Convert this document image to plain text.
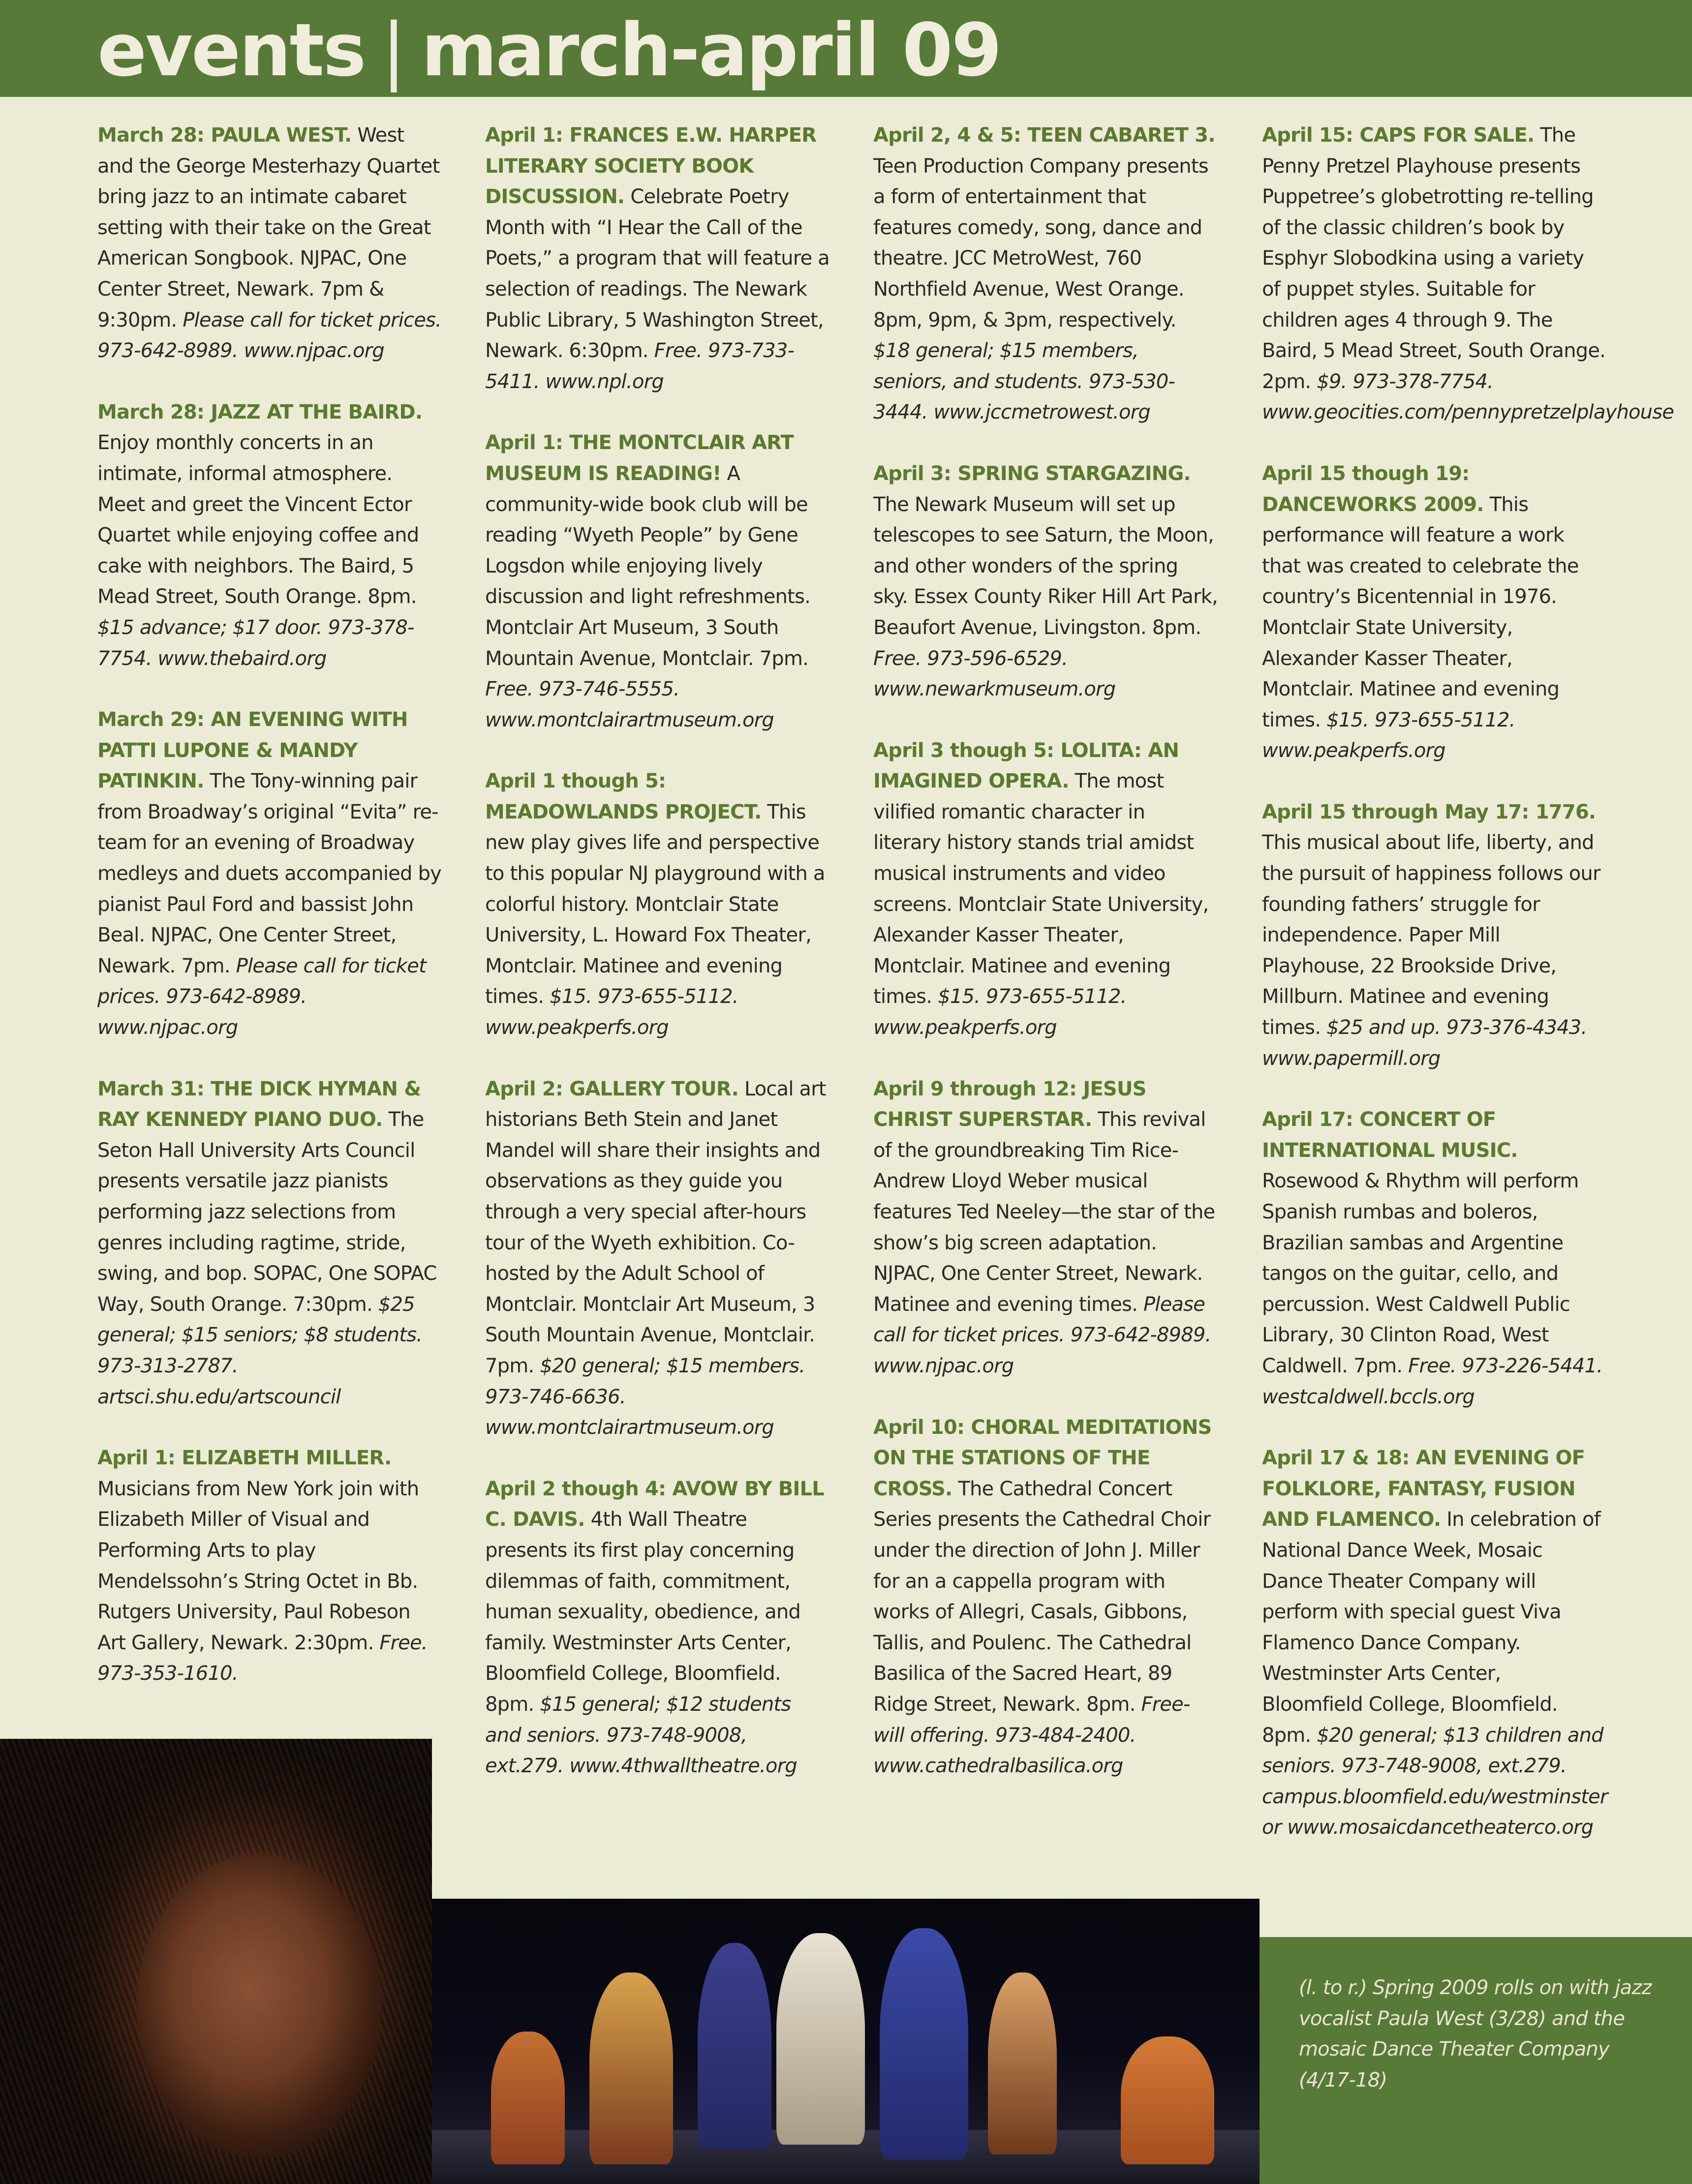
events | march-april 09
March 28: PAULA WEST. West and the George Mesterhazy Quartet bring jazz to an intimate cabaret setting with their take on the Great American Songbook. NJPAC, One Center Street, Newark. 7pm & 9:30pm. Please call for ticket prices. 973-642-8989. www.njpac.org
March 28: JAZZ AT THE BAIRD. Enjoy monthly concerts in an intimate, informal atmosphere. Meet and greet the Vincent Ector Quartet while enjoying coffee and cake with neighbors. The Baird, 5 Mead Street, South Orange. 8pm. $15 advance; $17 door. 973-378-7754. www.thebaird.org
March 29: AN EVENING WITH PATTI LUPONE & MANDY PATINKIN. The Tony-winning pair from Broadway’s original “Evita” re-team for an evening of Broadway medleys and duets accompanied by pianist Paul Ford and bassist John Beal. NJPAC, One Center Street, Newark. 7pm. Please call for ticket prices. 973-642-8989. www.njpac.org
March 31: THE DICK HYMAN & RAY KENNEDY PIANO DUO. The Seton Hall University Arts Council presents versatile jazz pianists performing jazz selections from genres including ragtime, stride, swing, and bop. SOPAC, One SOPAC Way, South Orange. 7:30pm. $25 general; $15 seniors; $8 students. 973-313-2787. artsci.shu.edu/artscouncil
April 1: ELIZABETH MILLER. Musicians from New York join with Elizabeth Miller of Visual and Performing Arts to play Mendelssohn’s String Octet in Bb. Rutgers University, Paul Robeson Art Gallery, Newark. 2:30pm. Free. 973-353-1610.
April 1: FRANCES E.W. HARPER LITERARY SOCIETY BOOK DISCUSSION. Celebrate Poetry Month with “I Hear the Call of the Poets,” a program that will feature a selection of readings. The Newark Public Library, 5 Washington Street, Newark. 6:30pm. Free. 973-733-5411. www.npl.org
April 1: THE MONTCLAIR ART MUSEUM IS READING! A community-wide book club will be reading “Wyeth People” by Gene Logsdon while enjoying lively discussion and light refreshments. Montclair Art Museum, 3 South Mountain Avenue, Montclair. 7pm. Free. 973-746-5555. www.montclairartmuseum.org
April 1 though 5: MEADOWLANDS PROJECT. This new play gives life and perspective to this popular NJ playground with a colorful history. Montclair State University, L. Howard Fox Theater, Montclair. Matinee and evening times. $15. 973-655-5112. www.peakperfs.org
April 2: GALLERY TOUR. Local art historians Beth Stein and Janet Mandel will share their insights and observations as they guide you through a very special after-hours tour of the Wyeth exhibition. Co-hosted by the Adult School of Montclair. Montclair Art Museum, 3 South Mountain Avenue, Montclair. 7pm. $20 general; $15 members. 973-746-6636. www.montclairartmuseum.org
April 2 though 4: AVOW BY BILL C. DAVIS. 4th Wall Theatre presents its first play concerning dilemmas of faith, commitment, human sexuality, obedience, and family. Westminster Arts Center, Bloomfield College, Bloomfield. 8pm. $15 general; $12 students and seniors. 973-748-9008, ext.279. www.4thwalltheatre.org
April 2, 4 & 5: TEEN CABARET 3. Teen Production Company presents a form of entertainment that features comedy, song, dance and theatre. JCC MetroWest, 760 Northfield Avenue, West Orange. 8pm, 9pm, & 3pm, respectively. $18 general; $15 members, seniors, and students. 973-530-3444. www.jccmetrowest.org
April 3: SPRING STARGAZING. The Newark Museum will set up telescopes to see Saturn, the Moon, and other wonders of the spring sky. Essex County Riker Hill Art Park, Beaufort Avenue, Livingston. 8pm. Free. 973-596-6529. www.newarkmuseum.org
April 3 though 5: LOLITA: AN IMAGINED OPERA. The most vilified romantic character in literary history stands trial amidst musical instruments and video screens. Montclair State University, Alexander Kasser Theater, Montclair. Matinee and evening times. $15. 973-655-5112. www.peakperfs.org
April 9 through 12: JESUS CHRIST SUPERSTAR. This revival of the groundbreaking Tim Rice-Andrew Lloyd Weber musical features Ted Neeley—the star of the show’s big screen adaptation. NJPAC, One Center Street, Newark. Matinee and evening times. Please call for ticket prices. 973-642-8989. www.njpac.org
April 10: CHORAL MEDITATIONS ON THE STATIONS OF THE CROSS. The Cathedral Concert Series presents the Cathedral Choir under the direction of John J. Miller for an a cappella program with works of Allegri, Casals, Gibbons, Tallis, and Poulenc. The Cathedral Basilica of the Sacred Heart, 89 Ridge Street, Newark. 8pm. Free-will offering. 973-484-2400. www.cathedralbasilica.org
April 15: CAPS FOR SALE. The Penny Pretzel Playhouse presents Puppetree’s globetrotting re-telling of the classic children’s book by Esphyr Slobodkina using a variety of puppet styles. Suitable for children ages 4 through 9. The Baird, 5 Mead Street, South Orange. 2pm. $9. 973-378-7754. www.geocities.com/pennypretzelplayhouse
April 15 though 19: DANCEWORKS 2009. This performance will feature a work that was created to celebrate the country’s Bicentennial in 1976. Montclair State University, Alexander Kasser Theater, Montclair. Matinee and evening times. $15. 973-655-5112. www.peakperfs.org
April 15 through May 17: 1776. This musical about life, liberty, and the pursuit of happiness follows our founding fathers’ struggle for independence. Paper Mill Playhouse, 22 Brookside Drive, Millburn. Matinee and evening times. $25 and up. 973-376-4343. www.papermill.org
April 17: CONCERT OF INTERNATIONAL MUSIC. Rosewood & Rhythm will perform Spanish rumbas and boleros, Brazilian sambas and Argentine tangos on the guitar, cello, and percussion. West Caldwell Public Library, 30 Clinton Road, West Caldwell. 7pm. Free. 973-226-5441. westcaldwell.bccls.org
April 17 & 18: AN EVENING OF FOLKLORE, FANTASY, FUSION AND FLAMENCO. In celebration of National Dance Week, Mosaic Dance Theater Company will perform with special guest Viva Flamenco Dance Company. Westminster Arts Center, Bloomfield College, Bloomfield. 8pm. $20 general; $13 children and seniors. 973-748-9008, ext.279. campus.bloomfield.edu/westminster or www.mosaicdancetheaterco.org
(l. to r.) Spring 2009 rolls on with jazz vocalist Paula West (3/28) and the mosaic Dance Theater Company (4/17-18)
